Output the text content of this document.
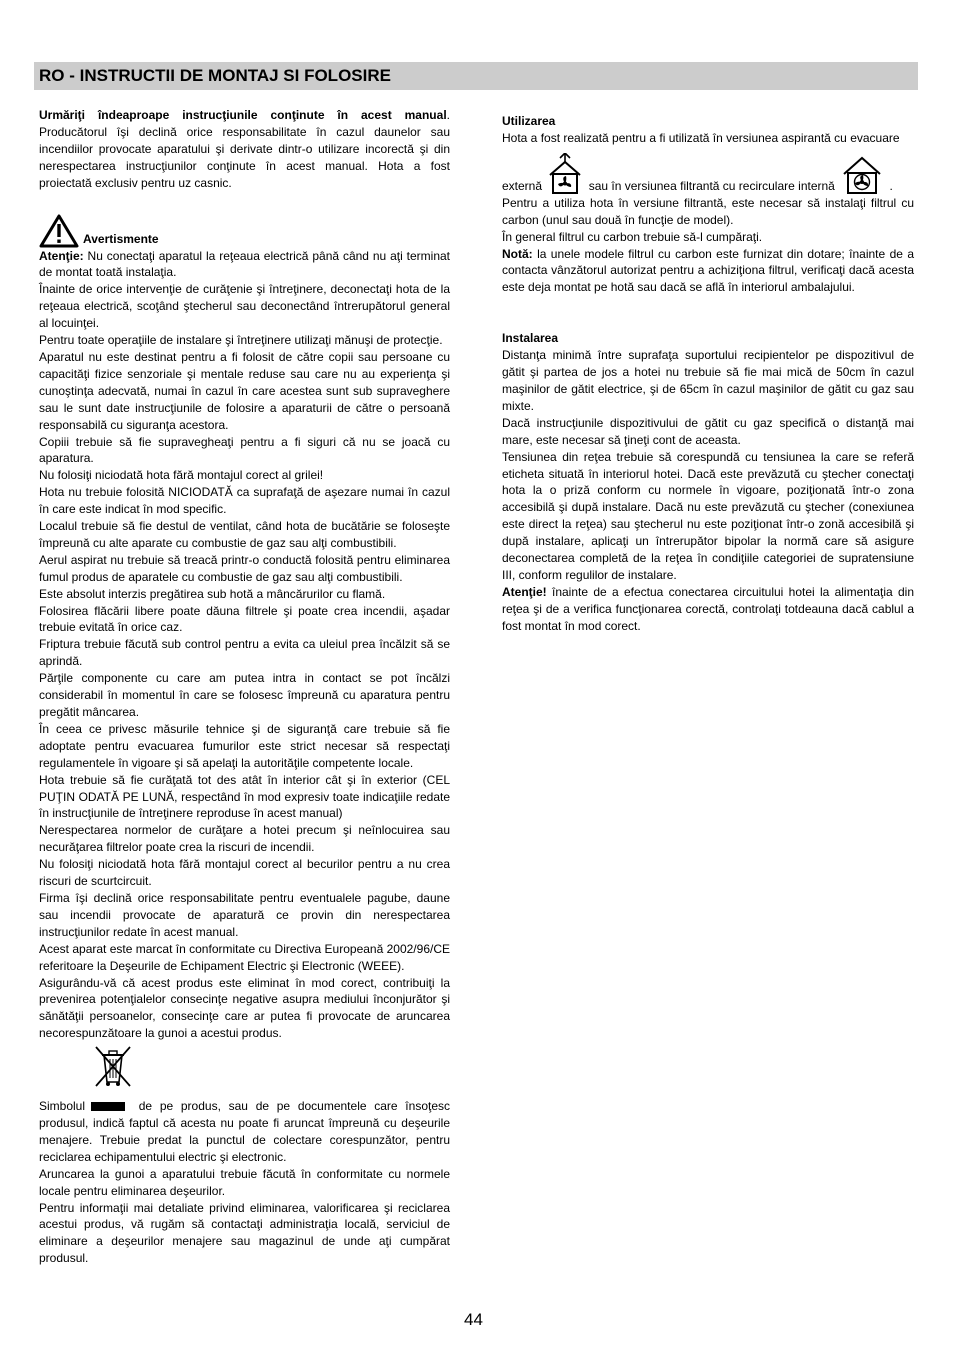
RO - INSTRUCTII DE MONTAJ SI FOLOSIRE

Urmăriţi îndeaproape instrucţiunile conţinute în acest manual. Producătorul îşi declină orice responsabilitate în cazul daunelor sau incendiilor provocate aparatului şi derivate dintr-o utilizare incorectă şi din nerespectarea instrucţiunilor conţinute în acest manual. Hota a fost proiectată exclusiv pentru uz casnic.

Avertismente

Atenţie: Nu conectaţi aparatul la reţeaua electrică până când nu aţi terminat de montat toată instalaţia.

Înainte de orice intervenţie de curăţenie şi întreţinere, deconectaţi hota de la reţeaua electrică, scoţând ştecherul sau deconectând întrerupătorul general al locuinţei.

Pentru toate operaţiile de instalare şi întreţinere utilizaţi mănuşi de protecţie.

Aparatul nu este destinat pentru a fi folosit de către copii sau persoane cu capacităţi fizice senzoriale şi mentale reduse sau care nu au experienţa şi cunoştinţa adecvată, numai în cazul în care acestea sunt sub supraveghere sau le sunt date instrucţiunile de folosire a aparaturii de către o persoană responsabilă cu siguranţa acestora.

Copiii trebuie să fie supravegheaţi pentru a fi siguri că nu se joacă cu aparatura.

Nu folosiţi niciodată hota fără montajul corect al grilei!

Hota nu trebuie folosită NICIODATĂ ca suprafaţă de aşezare numai în cazul în care este indicat în mod specific.

Localul trebuie să fie destul de ventilat, când hota de bucătărie se foloseşte împreună cu alte aparate cu combustie de gaz sau alţi combustibili.

Aerul aspirat nu trebuie să treacă printr-o conductă folosită pentru eliminarea fumul produs de aparatele cu combustie de gaz sau alţi combustibili.

Este absolut interzis pregătirea sub hotă a mâncărurilor cu flamă.

Folosirea flăcării libere poate dăuna filtrele şi poate crea incendii, aşadar trebuie evitată în orice caz.

Friptura trebuie făcută sub control pentru a evita ca uleiul prea încălzit să se aprindă.

Părţile componente cu care am putea intra in contact se pot încălzi considerabil în momentul în care se folosesc împreună cu aparatura pentru pregătit mâncarea.

În ceea ce privesc măsurile tehnice şi de siguranţă care trebuie să fie adoptate pentru evacuarea fumurilor este strict necesar să respectaţi regulamentele în vigoare şi să apelaţi la autorităţile competente locale.

Hota trebuie să fie curăţată tot des atât în interior cât şi în exterior (CEL PUŢIN ODATĂ PE LUNĂ, respectând în mod expresiv toate indicaţiile redate în instrucţiunile de întreţinere reproduse în acest manual)

Nerespectarea normelor de curăţare a hotei precum şi neînlocuirea sau necurăţarea filtrelor poate crea la riscuri de incendii.

Nu folosiţi niciodată hota fără montajul corect al becurilor pentru a nu crea riscuri de scurtcircuit.

Firma îşi declină orice responsabilitate pentru eventualele pagube, daune sau incendii provocate de aparatură ce provin din nerespectarea instrucţiunilor redate în acest manual.

Acest aparat este marcat în conformitate cu Directiva Europeană 2002/96/CE referitoare la Deşeurile de Echipament Electric şi Electronic (WEEE).

Asigurându-vă că acest produs este eliminat în mod corect, contribuiţi la prevenirea potenţialelor consecinţe negative asupra mediului înconjurător şi sănătăţii persoanelor, consecinţe care ar putea fi provocate de aruncarea necorespunzătoare la gunoi a acestui produs.

Simbolul	de pe produs, sau de pe documentele care însoţesc produsul, indică faptul că acesta nu poate fi aruncat împreună cu deşeurile menajere. Trebuie predat la punctul de colectare corespunzător, pentru reciclarea echipamentului electric şi electronic.

Aruncarea la gunoi a aparatului trebuie făcută în conformitate cu normele locale pentru eliminarea deşeurilor.

Pentru informaţii mai detaliate privind eliminarea, valorificarea şi reciclarea acestui produs, vă rugăm să contactaţi administraţia locală, serviciul de eliminare a deşeurilor menajere sau magazinul de unde aţi cumpărat produsul.

Utilizarea

Hota a fost realizată pentru a fi utilizată în versiunea aspirantă cu evacuare

externă	sau în versiunea filtrantă cu recirculare internă	.

Pentru a utiliza hota în versiune filtrantă, este necesar să instalaţi filtrul cu carbon (unul sau două în funcţie de model).

În general filtrul cu carbon trebuie să-l cumpăraţi.

Notă: la unele modele filtrul cu carbon este furnizat din dotare; înainte de a contacta vânzătorul autorizat pentru a achiziţiona filtrul, verificaţi dacă acesta este deja montat pe hotă sau dacă se află în interiorul ambalajului.

Instalarea

Distanţa minimă între suprafaţa suportului recipientelor pe dispozitivul de gătit şi partea de jos a hotei nu trebuie să fie mai mică de 50cm în cazul maşinilor de gătit electrice, şi de 65cm în cazul maşinilor de gătit cu gaz sau mixte.

Dacă instrucţiunile dispozitivului de gătit cu gaz specifică o distanţă mai mare, este necesar să ţineţi cont de aceasta.

Tensiunea din reţea trebuie să corespundă cu tensiunea la care se referă eticheta situată în interiorul hotei. Dacă este prevăzută cu ştecher conectaţi hota la o priză conform cu normele în vigoare, poziţionată într-o zona accesibilă şi după instalare. Dacă nu este prevăzută cu ştecher (conexiunea este direct la reţea) sau ştecherul nu este poziţionat într-o zonă accesibilă şi după instalare, aplicaţi un întrerupător bipolar la normă care să asigure deconectarea completă de la reţea în condiţiile categoriei de supratensiune III, conform regulilor de instalare.

Atenţie! înainte de a efectua conectarea circuitului hotei la alimentaţia din reţea şi de a verifica funcţionarea corectă, controlaţi totdeauna dacă cablul a fost montat în mod corect.

44
